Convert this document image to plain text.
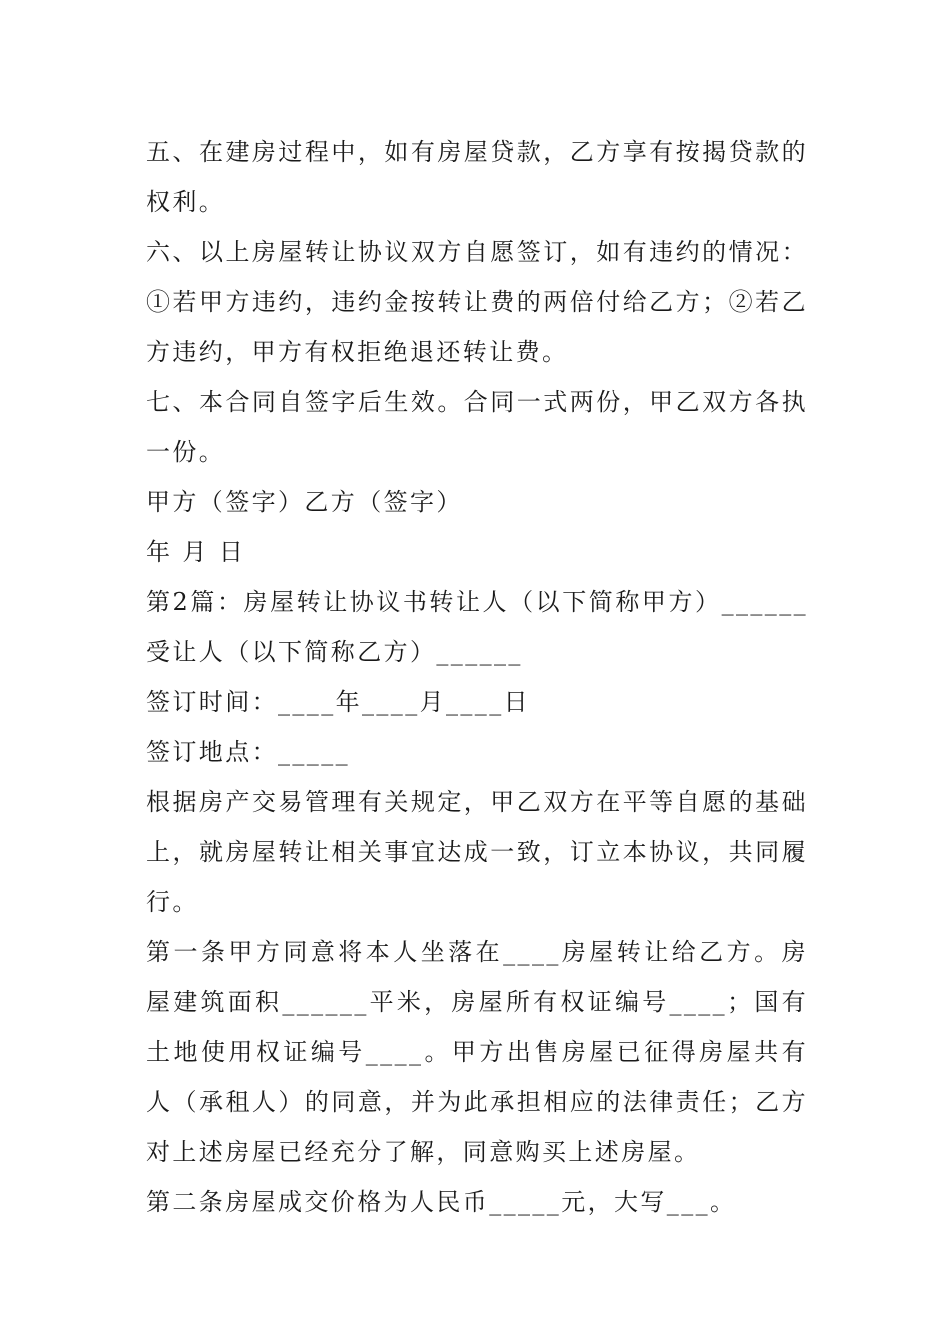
五、在建房过程中，如有房屋贷款，乙方享有按揭贷款的权利。

六、以上房屋转让协议双方自愿签订，如有违约的情况：①若甲方违约，违约金按转让费的两倍付给乙方；②若乙方违约，甲方有权拒绝退还转让费。

七、本合同自签字后生效。合同一式两份，甲乙双方各执一份。

甲方（签字）乙方（签字）

年 月 日

第2篇：房屋转让协议书转让人（以下简称甲方）______受让人（以下简称乙方）______

签订时间：____年____月____日

签订地点：_____

根据房产交易管理有关规定，甲乙双方在平等自愿的基础上，就房屋转让相关事宜达成一致，订立本协议，共同履行。

第一条甲方同意将本人坐落在____房屋转让给乙方。房屋建筑面积______平米，房屋所有权证编号____；国有土地使用权证编号____。甲方出售房屋已征得房屋共有人（承租人）的同意，并为此承担相应的法律责任；乙方对上述房屋已经充分了解，同意购买上述房屋。

第二条房屋成交价格为人民币_____元，大写___。
